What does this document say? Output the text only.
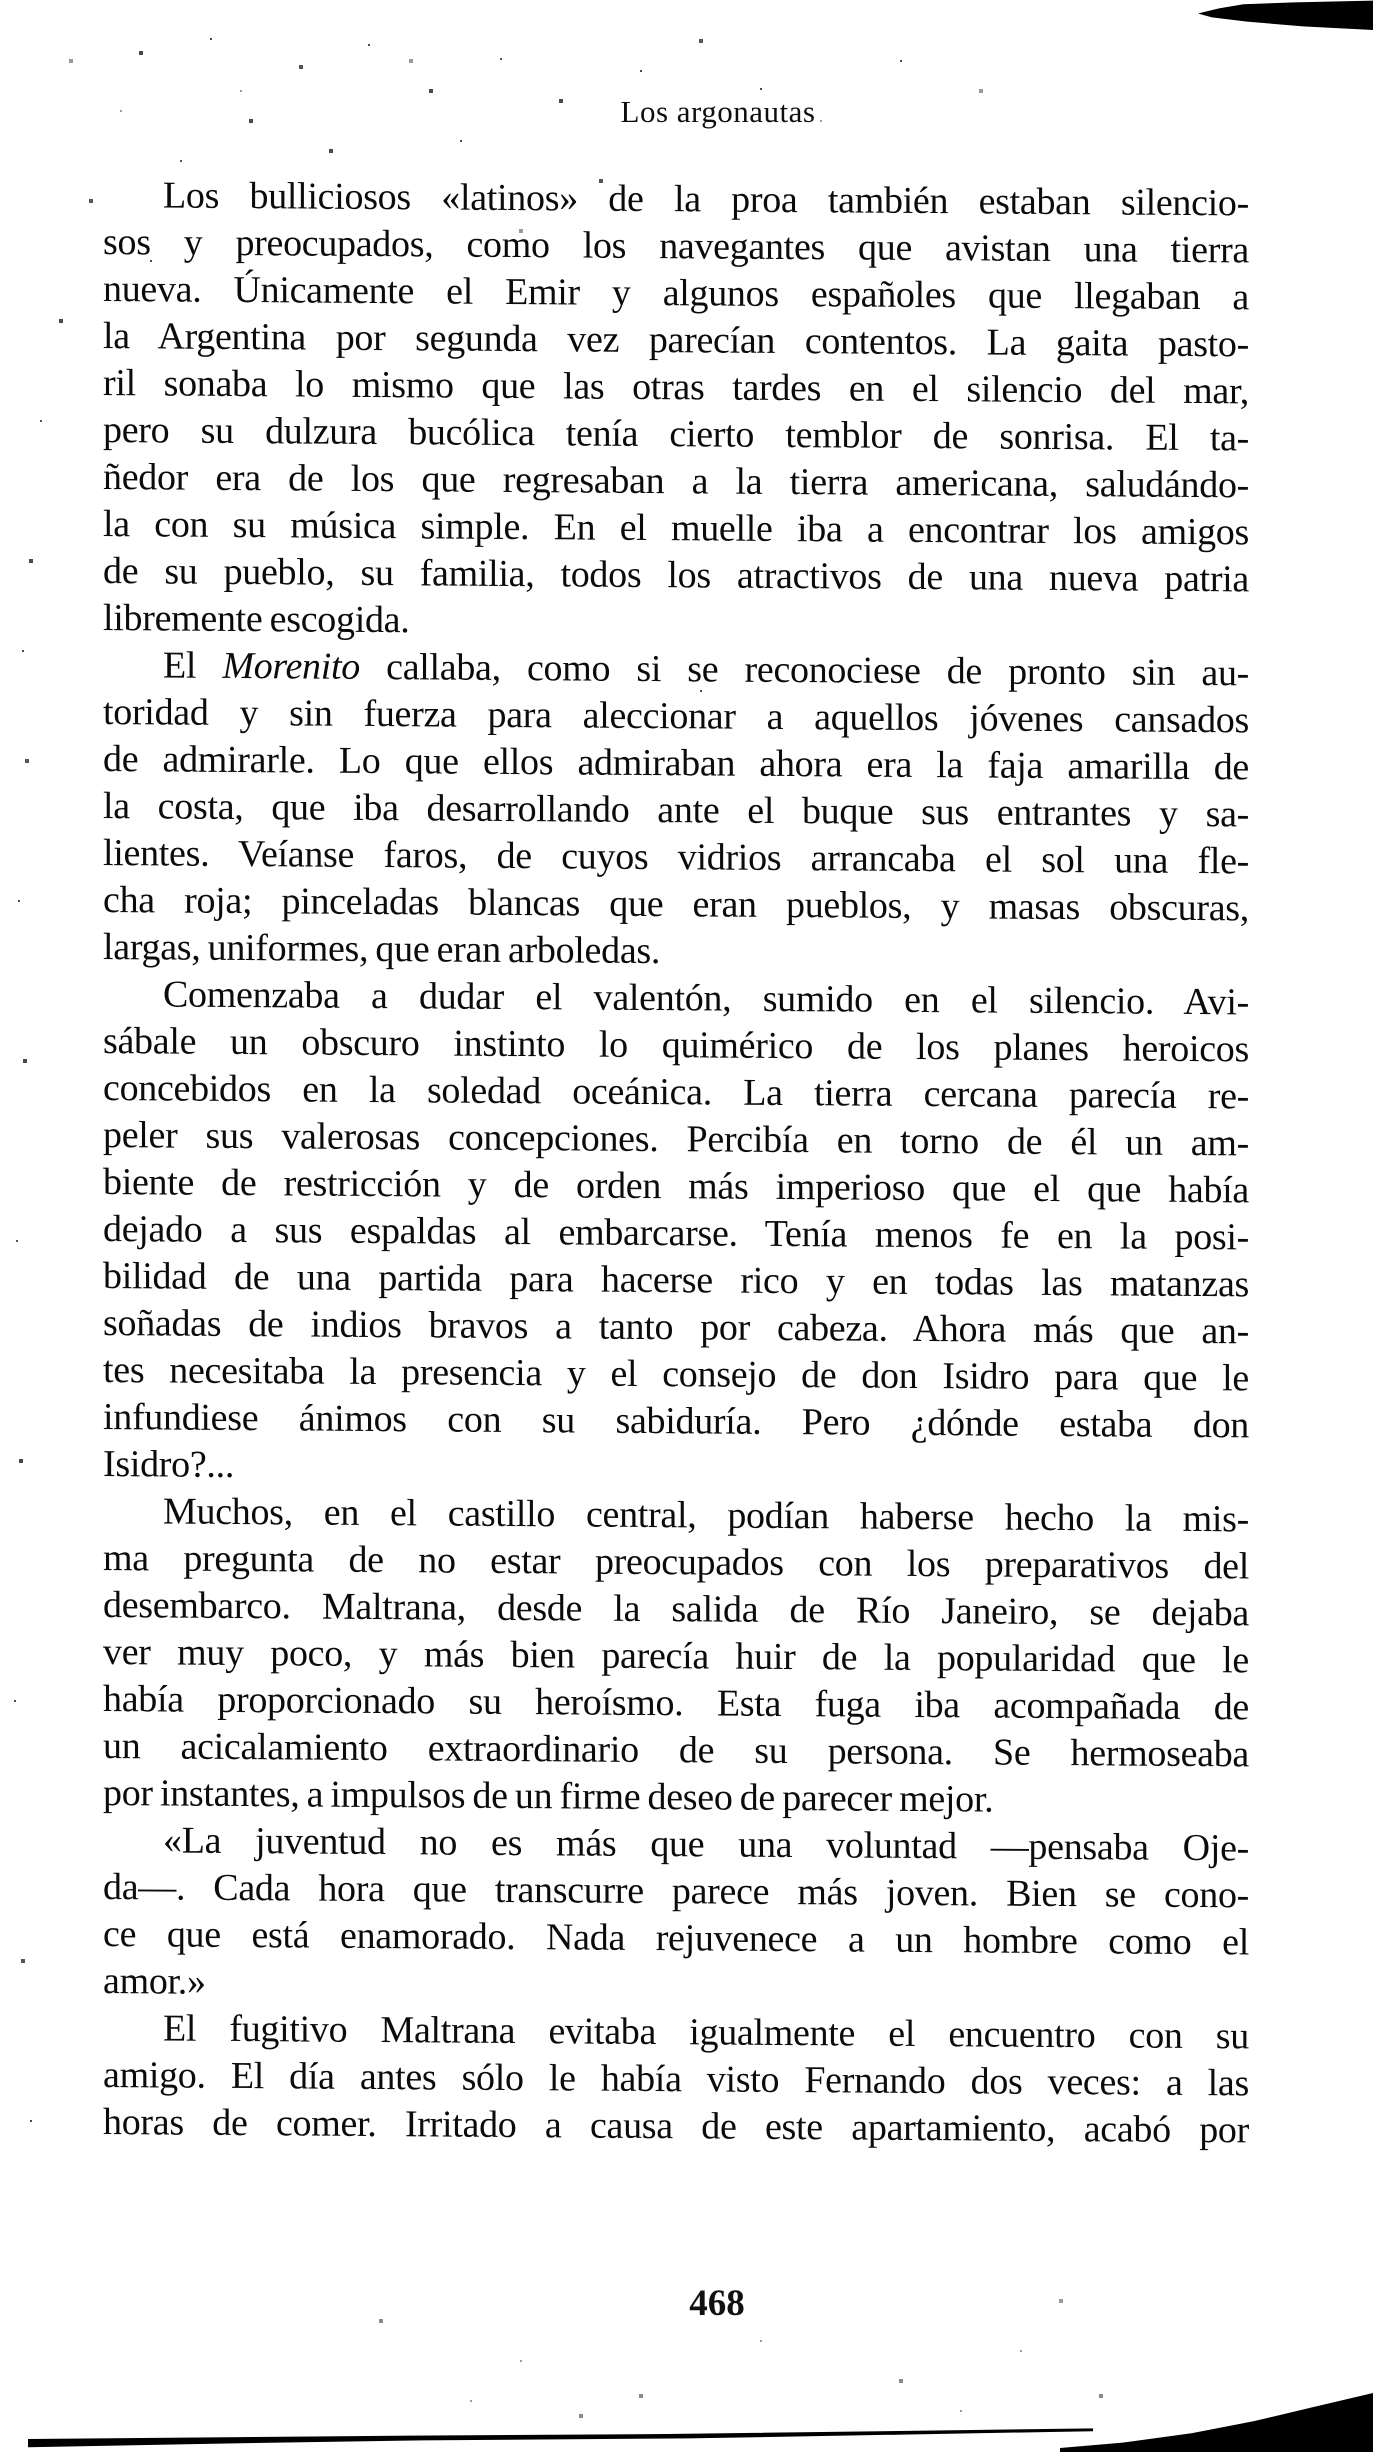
Los argonautas
Los bulliciosos «latinos» de la proa también estaban silencio-
sos y preocupados, como los navegantes que avistan una tierra
nueva. Únicamente el Emir y algunos españoles que llegaban a
la Argentina por segunda vez parecían contentos. La gaita pasto-
ril sonaba lo mismo que las otras tardes en el silencio del mar,
pero su dulzura bucólica tenía cierto temblor de sonrisa. El ta-
ñedor era de los que regresaban a la tierra americana, saludándo-
la con su música simple. En el muelle iba a encontrar los amigos
de su pueblo, su familia, todos los atractivos de una nueva patria
libremente escogida.
El Morenito callaba, como si se reconociese de pronto sin au-
toridad y sin fuerza para aleccionar a aquellos jóvenes cansados
de admirarle. Lo que ellos admiraban ahora era la faja amarilla de
la costa, que iba desarrollando ante el buque sus entrantes y sa-
lientes. Veíanse faros, de cuyos vidrios arrancaba el sol una fle-
cha roja; pinceladas blancas que eran pueblos, y masas obscuras,
largas, uniformes, que eran arboledas.
Comenzaba a dudar el valentón, sumido en el silencio. Avi-
sábale un obscuro instinto lo quimérico de los planes heroicos
concebidos en la soledad oceánica. La tierra cercana parecía re-
peler sus valerosas concepciones. Percibía en torno de él un am-
biente de restricción y de orden más imperioso que el que había
dejado a sus espaldas al embarcarse. Tenía menos fe en la posi-
bilidad de una partida para hacerse rico y en todas las matanzas
soñadas de indios bravos a tanto por cabeza. Ahora más que an-
tes necesitaba la presencia y el consejo de don Isidro para que le
infundiese ánimos con su sabiduría. Pero ¿dónde estaba don
Isidro?...
Muchos, en el castillo central, podían haberse hecho la mis-
ma pregunta de no estar preocupados con los preparativos del
desembarco. Maltrana, desde la salida de Río Janeiro, se dejaba
ver muy poco, y más bien parecía huir de la popularidad que le
había proporcionado su heroísmo. Esta fuga iba acompañada de
un acicalamiento extraordinario de su persona. Se hermoseaba
por instantes, a impulsos de un firme deseo de parecer mejor.
«La juventud no es más que una voluntad —pensaba Oje-
da—. Cada hora que transcurre parece más joven. Bien se cono-
ce que está enamorado. Nada rejuvenece a un hombre como el
amor.»
El fugitivo Maltrana evitaba igualmente el encuentro con su
amigo. El día antes sólo le había visto Fernando dos veces: a las
horas de comer. Irritado a causa de este apartamiento, acabó por
468
